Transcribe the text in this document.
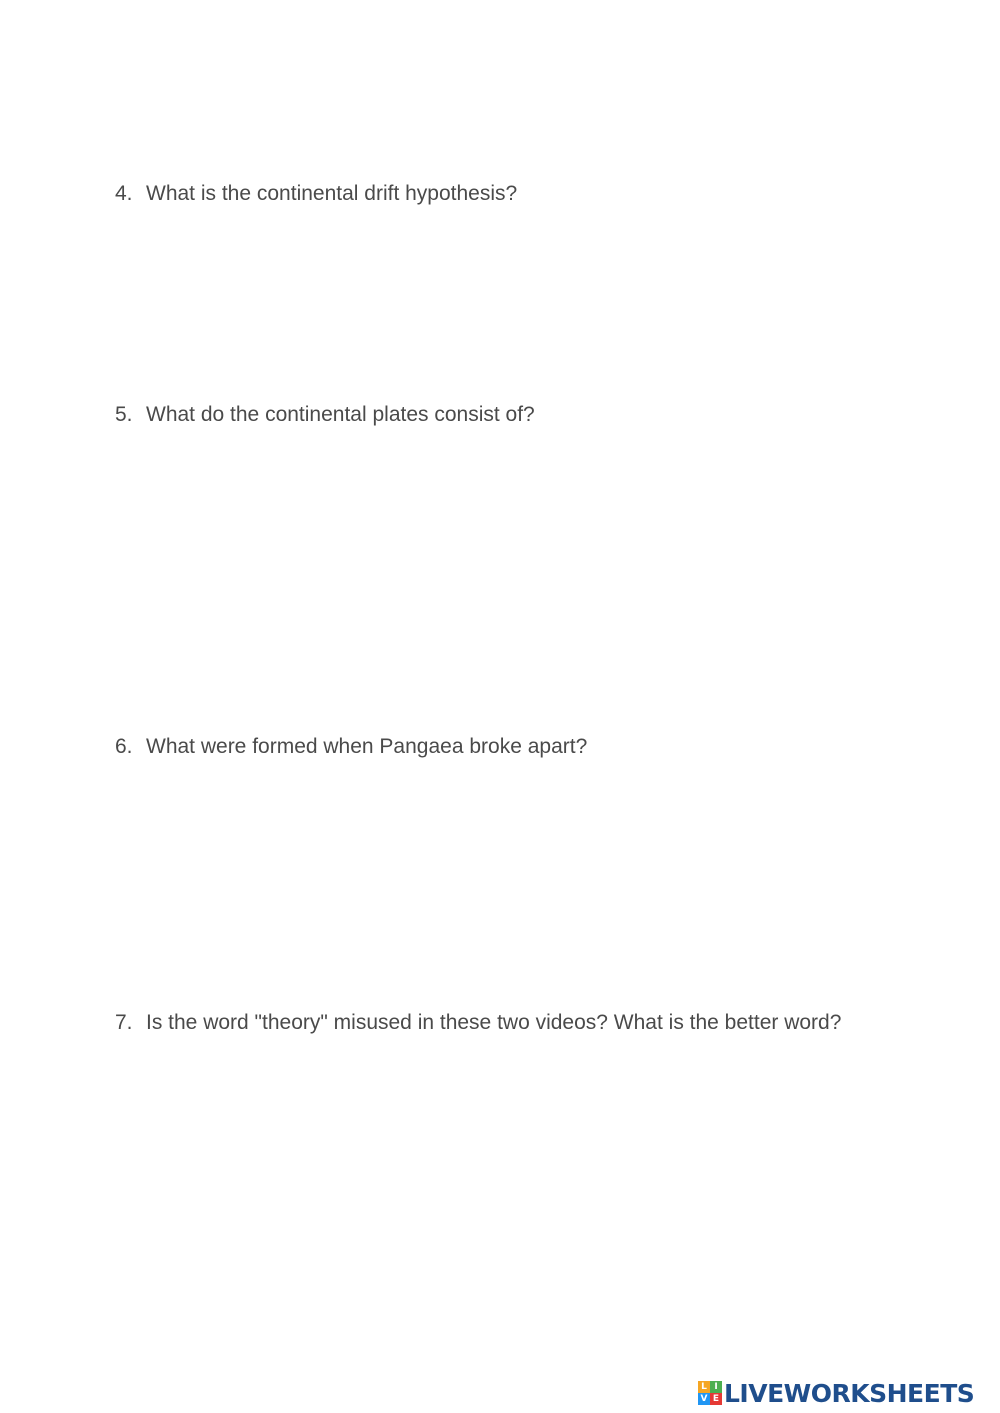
4. What is the continental drift hypothesis?
5. What do the continental plates consist of?
6. What were formed when Pangaea broke apart?
7. Is the word "theory" misused in these two videos? What is the better word?
L I
V E LIVEWORKSHEETS
